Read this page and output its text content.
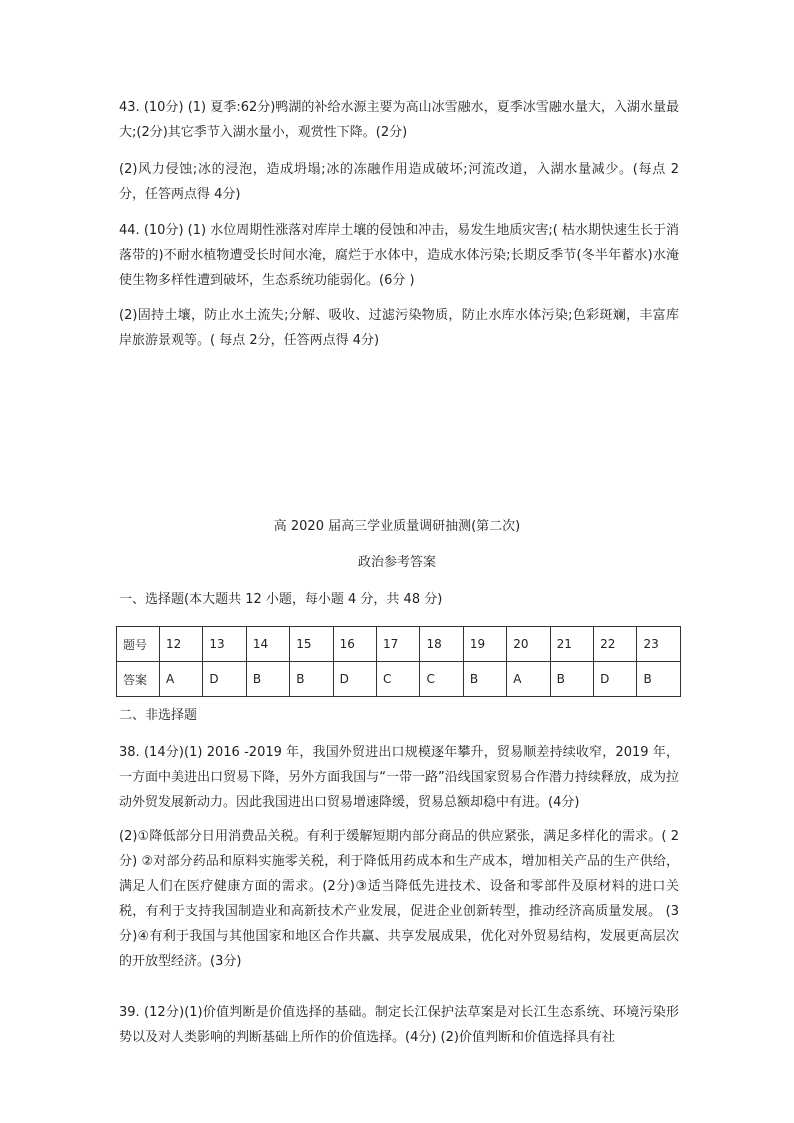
43. (10分) (1) 夏季:62分)鸭湖的补给水源主要为高山冰雪融水，夏季冰雪融水量大，入湖水量最大;(2分)其它季节入湖水量小，观赏性下降。(2分)

(2)风力侵蚀;冰的浸泡，造成坍塌;冰的冻融作用造成破坏;河流改道，入湖水量减少。(每点 2 分，任答两点得 4分)

44. (10分) (1) 水位周期性涨落对库岸土壤的侵蚀和冲击，易发生地质灾害;( 枯水期快速生长于消落带的)不耐水植物遭受长时间水淹，腐烂于水体中，造成水体污染;长期反季节(冬半年蓄水)水淹使生物多样性遭到破坏，生态系统功能弱化。(6分 )

(2)固持土壤，防止水土流失;分解、吸收、过滤污染物质，防止水库水体污染;色彩斑斓，丰富库岸旅游景观等。( 每点 2分，任答两点得 4分)

高 2020 届高三学业质量调研抽测(第二次)

政治参考答案

一、选择题(本大题共 12 小题，每小题 4 分，共 48 分)

题号	12	13	14	15	16	17	18	19	20	21	22	23
答案	A	D	B	B	D	C	C	B	A	B	D	B

二、非选择题

38. (14分)(1) 2016 -2019 年，我国外贸进出口规模逐年攀升，贸易顺差持续收窄，2019 年，一方面中美进出口贸易下降，另外方面我国与“一带一路”沿线国家贸易合作潜力持续释放，成为拉动外贸发展新动力。因此我国进出口贸易增速降缓，贸易总额却稳中有进。(4分)

(2)①降低部分日用消费品关税。有利于缓解短期内部分商品的供应紧张，满足多样化的需求。( 2 分) ②对部分药品和原料实施零关税，利于降低用药成本和生产成本，增加相关产品的生产供给，满足人们在医疗健康方面的需求。(2分)③适当降低先进技术、设备和零部件及原材料的进口关税，有利于支持我国制造业和高新技术产业发展，促进企业创新转型，推动经济高质量发展。 (3分)④有利于我国与其他国家和地区合作共赢、共享发展成果，优化对外贸易结构，发展更高层次的开放型经济。(3分)

39. (12分)(1)价值判断是价值选择的基础。制定长江保护法草案是对长江生态系统、环境污染形势以及对人类影响的判断基础上所作的价值选择。(4分) (2)价值判断和价值选择具有社
